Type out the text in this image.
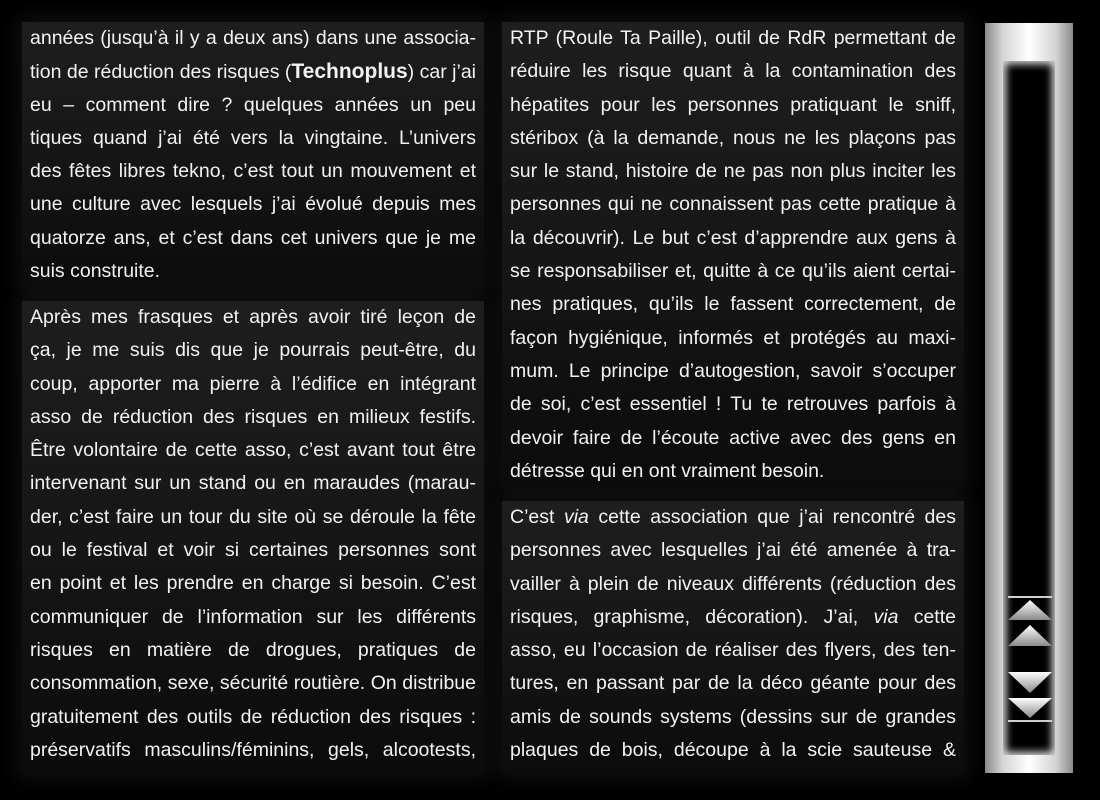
années (jusqu’à il y a deux ans) dans une associa-
tion de réduction des risques (Technoplus) car j’ai
eu – comment dire ? quelques années un peu
tiques quand j’ai été vers la vingtaine. L’univers
des fêtes libres tekno, c’est tout un mouvement et
une culture avec lesquels j’ai évolué depuis mes
quatorze ans, et c’est dans cet univers que je me
suis construite.
Après mes frasques et après avoir tiré leçon de
ça, je me suis dis que je pourrais peut-être, du
coup, apporter ma pierre à l’édifice en intégrant
asso de réduction des risques en milieux festifs.
Être volontaire de cette asso, c’est avant tout être
intervenant sur un stand ou en maraudes (marau-
der, c’est faire un tour du site où se déroule la fête
ou le festival et voir si certaines personnes sont
en point et les prendre en charge si besoin. C’est
communiquer de l’information sur les différents
risques en matière de drogues, pratiques de
consommation, sexe, sécurité routière. On distribue
gratuitement des outils de réduction des risques :
préservatifs masculins/féminins, gels, alcootests,
RTP (Roule Ta Paille), outil de RdR permettant de
réduire les risque quant à la contamination des
hépatites pour les personnes pratiquant le sniff,
stéribox (à la demande, nous ne les plaçons pas
sur le stand, histoire de ne pas non plus inciter les
personnes qui ne connaissent pas cette pratique à
la découvrir). Le but c’est d’apprendre aux gens à
se responsabiliser et, quitte à ce qu’ils aient certai-
nes pratiques, qu’ils le fassent correctement, de
façon hygiénique, informés et protégés au maxi-
mum. Le principe d’autogestion, savoir s’occuper
de soi, c’est essentiel ! Tu te retrouves parfois à
devoir faire de l’écoute active avec des gens en
détresse qui en ont vraiment besoin.
C’est via cette association que j’ai rencontré des
personnes avec lesquelles j’ai été amenée à tra-
vailler à plein de niveaux différents (réduction des
risques, graphisme, décoration). J’ai, via cette
asso, eu l’occasion de réaliser des flyers, des ten-
tures, en passant par de la déco géante pour des
amis de sounds systems (dessins sur de grandes
plaques de bois, découpe à la scie sauteuse &
